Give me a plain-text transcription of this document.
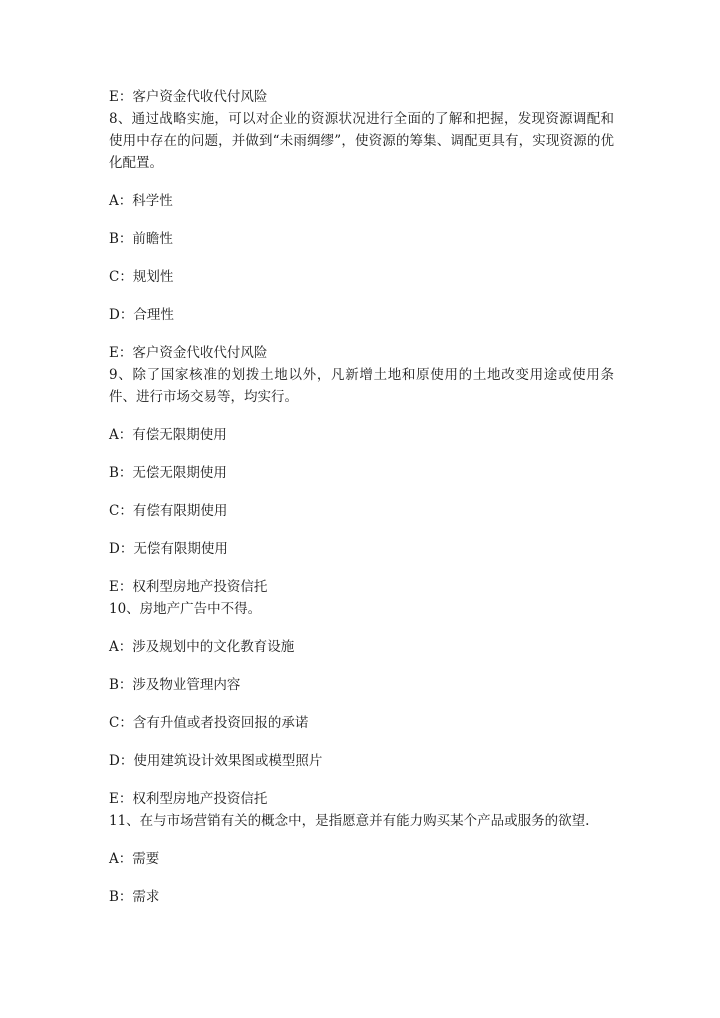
E：客户资金代收代付风险
8、通过战略实施，可以对企业的资源状况进行全面的了解和把握，发现资源调配和使用中存在的问题，并做到“未雨绸缪”，使资源的筹集、调配更具有，实现资源的优化配置。
A：科学性
B：前瞻性
C：规划性
D：合理性
E：客户资金代收代付风险
9、除了国家核准的划拨土地以外，凡新增土地和原使用的土地改变用途或使用条件、进行市场交易等，均实行。
A：有偿无限期使用
B：无偿无限期使用
C：有偿有限期使用
D：无偿有限期使用
E：权利型房地产投资信托
10、房地产广告中不得。
A：涉及规划中的文化教育设施
B：涉及物业管理内容
C：含有升值或者投资回报的承诺
D：使用建筑设计效果图或模型照片
E：权利型房地产投资信托
11、在与市场营销有关的概念中，是指愿意并有能力购买某个产品或服务的欲望.
A：需要
B：需求
